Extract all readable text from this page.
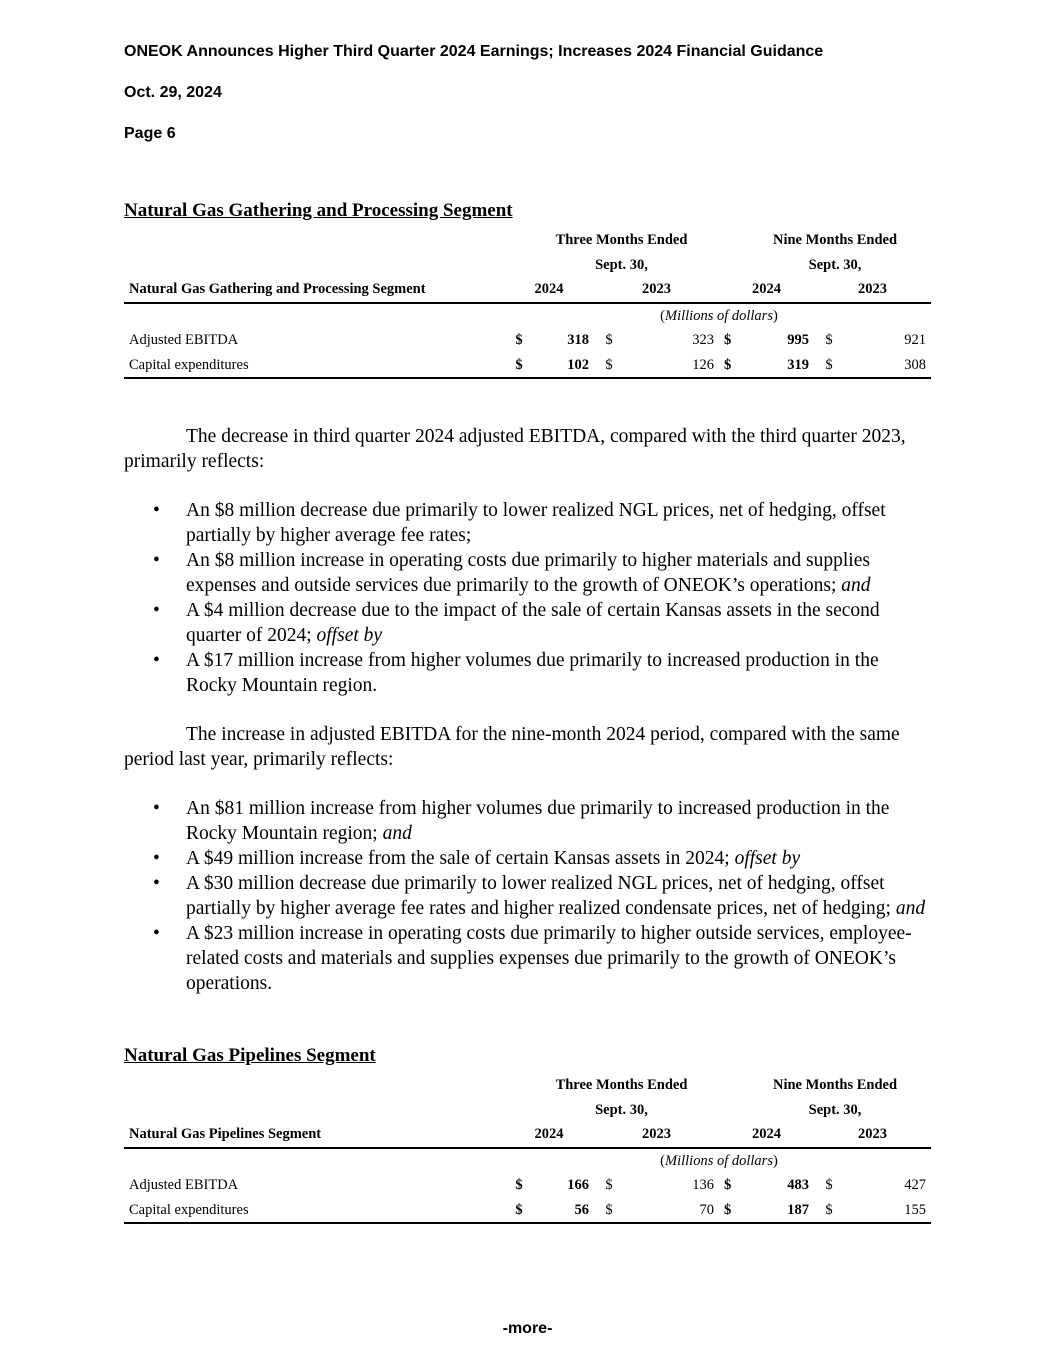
ONEOK Announces Higher Third Quarter 2024 Earnings; Increases 2024 Financial Guidance

Oct. 29, 2024

Page 6

Natural Gas Gathering and Processing Segment

	Three Months Ended					Nine Months Ended		
	Sept. 30,					Sept. 30,		
Natural Gas Gathering and Processing Segment	2024		2023		2024		2023	
			(Millions of dollars)					
Adjusted EBITDA	$	318	$	323	$	995	$	921
Capital expenditures	$	102	$	126	$	319	$	308

The decrease in third quarter 2024 adjusted EBITDA, compared with the third quarter 2023, primarily reflects:

• An $8 million decrease due primarily to lower realized NGL prices, net of hedging, offset partially by higher average fee rates;
• An $8 million increase in operating costs due primarily to higher materials and supplies expenses and outside services due primarily to the growth of ONEOK’s operations; and
• A $4 million decrease due to the impact of the sale of certain Kansas assets in the second quarter of 2024; offset by
• A $17 million increase from higher volumes due primarily to increased production in the Rocky Mountain region.

The increase in adjusted EBITDA for the nine-month 2024 period, compared with the same period last year, primarily reflects:

• An $81 million increase from higher volumes due primarily to increased production in the Rocky Mountain region; and
• A $49 million increase from the sale of certain Kansas assets in 2024; offset by
• A $30 million decrease due primarily to lower realized NGL prices, net of hedging, offset partially by higher average fee rates and higher realized condensate prices, net of hedging; and
• A $23 million increase in operating costs due primarily to higher outside services, employee-related costs and materials and supplies expenses due primarily to the growth of ONEOK’s operations.

Natural Gas Pipelines Segment

	Three Months Ended					Nine Months Ended		
	Sept. 30,					Sept. 30,		
Natural Gas Pipelines Segment	2024		2023		2024		2023	
			(Millions of dollars)					
Adjusted EBITDA	$	166	$	136	$	483	$	427
Capital expenditures	$	56	$	70	$	187	$	155
-more-
